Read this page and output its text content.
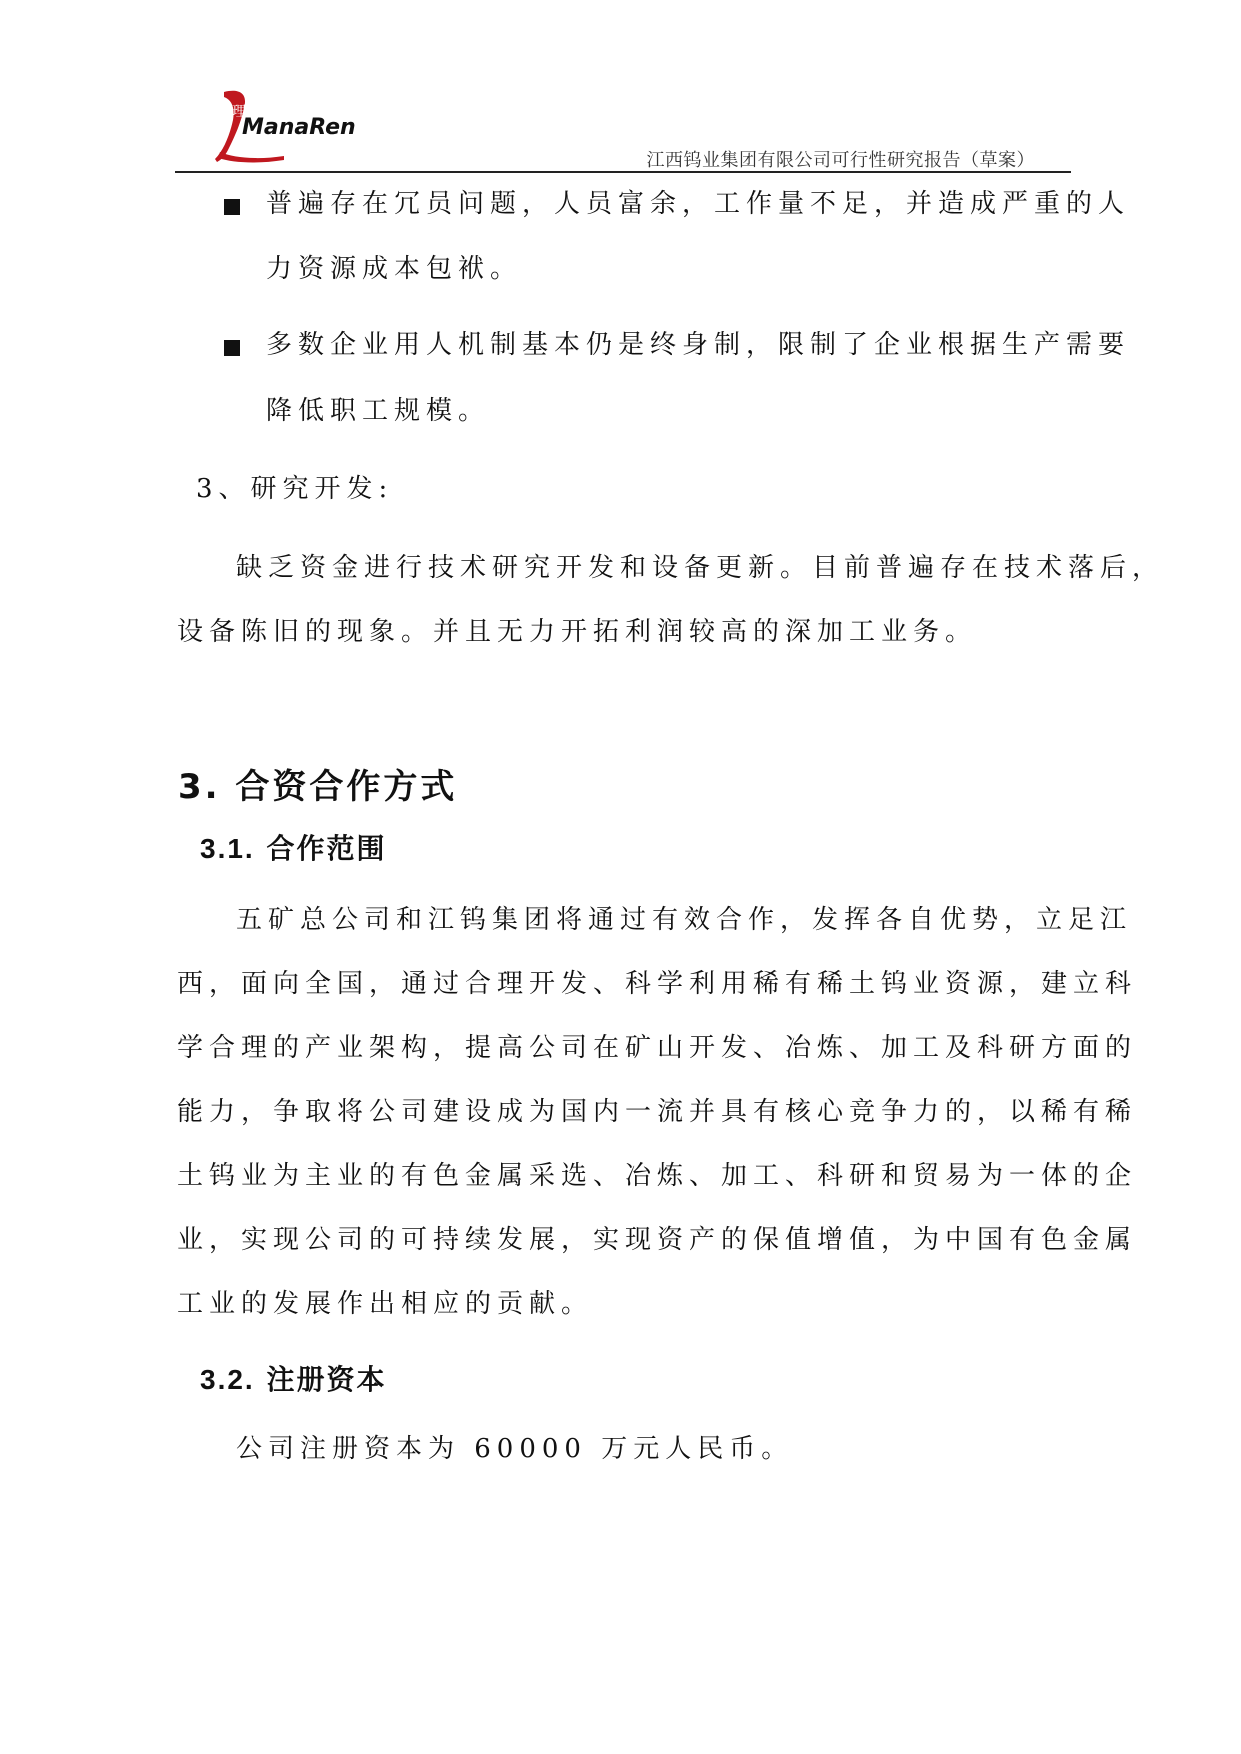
管理
ManaRen
江西钨业集团有限公司可行性研究报告（草案）
普遍存在冗员问题，人员富余，工作量不足，并造成严重的人
力资源成本包袱。
多数企业用人机制基本仍是终身制，限制了企业根据生产需要
降低职工规模。
3、研究开发:
缺乏资金进行技术研究开发和设备更新。目前普遍存在技术落后，
设备陈旧的现象。并且无力开拓利润较高的深加工业务。
3. 合资合作方式
3.1. 合作范围
五矿总公司和江钨集团将通过有效合作，发挥各自优势，立足江
西，面向全国，通过合理开发、科学利用稀有稀土钨业资源，建立科
学合理的产业架构，提高公司在矿山开发、冶炼、加工及科研方面的
能力，争取将公司建设成为国内一流并具有核心竞争力的，以稀有稀
土钨业为主业的有色金属采选、冶炼、加工、科研和贸易为一体的企
业，实现公司的可持续发展，实现资产的保值增值，为中国有色金属
工业的发展作出相应的贡献。
3.2. 注册资本
公司注册资本为 60000 万元人民币。
